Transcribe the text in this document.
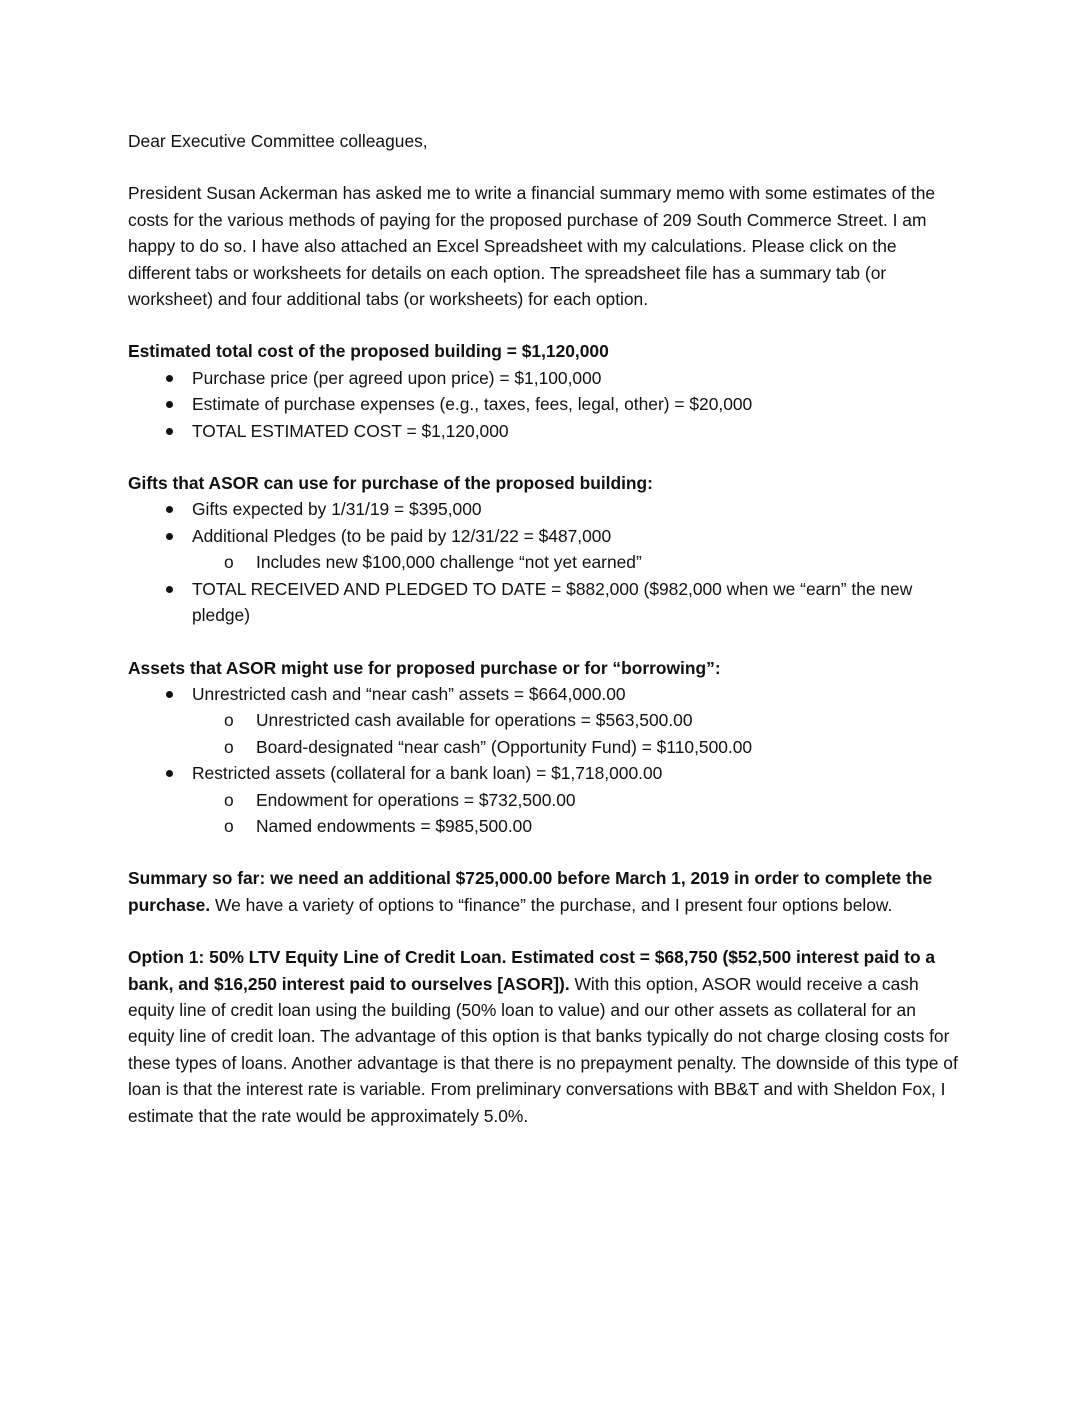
Dear Executive Committee colleagues,

President Susan Ackerman has asked me to write a financial summary memo with some estimates of the costs for the various methods of paying for the proposed purchase of 209 South Commerce Street. I am happy to do so. I have also attached an Excel Spreadsheet with my calculations. Please click on the different tabs or worksheets for details on each option. The spreadsheet file has a summary tab (or worksheet) and four additional tabs (or worksheets) for each option.

Estimated total cost of the proposed building = $1,120,000

Purchase price (per agreed upon price) = $1,100,000
Estimate of purchase expenses (e.g., taxes, fees, legal, other) = $20,000
TOTAL ESTIMATED COST = $1,120,000

Gifts that ASOR can use for purchase of the proposed building:

Gifts expected by 1/31/19 = $395,000
Additional Pledges (to be paid by 12/31/22 = $487,000
o Includes new $100,000 challenge “not yet earned”
TOTAL RECEIVED AND PLEDGED TO DATE = $882,000 ($982,000 when we “earn” the new pledge)

Assets that ASOR might use for proposed purchase or for “borrowing”:

Unrestricted cash and “near cash” assets = $664,000.00
o Unrestricted cash available for operations = $563,500.00
o Board-designated “near cash” (Opportunity Fund) = $110,500.00
Restricted assets (collateral for a bank loan) = $1,718,000.00
o Endowment for operations = $732,500.00
o Named endowments = $985,500.00

Summary so far: we need an additional $725,000.00 before March 1, 2019 in order to complete the purchase. We have a variety of options to “finance” the purchase, and I present four options below.

Option 1: 50% LTV Equity Line of Credit Loan. Estimated cost = $68,750 ($52,500 interest paid to a bank, and $16,250 interest paid to ourselves [ASOR]). With this option, ASOR would receive a cash equity line of credit loan using the building (50% loan to value) and our other assets as collateral for an equity line of credit loan. The advantage of this option is that banks typically do not charge closing costs for these types of loans. Another advantage is that there is no prepayment penalty. The downside of this type of loan is that the interest rate is variable. From preliminary conversations with BB&T and with Sheldon Fox, I estimate that the rate would be approximately 5.0%.
